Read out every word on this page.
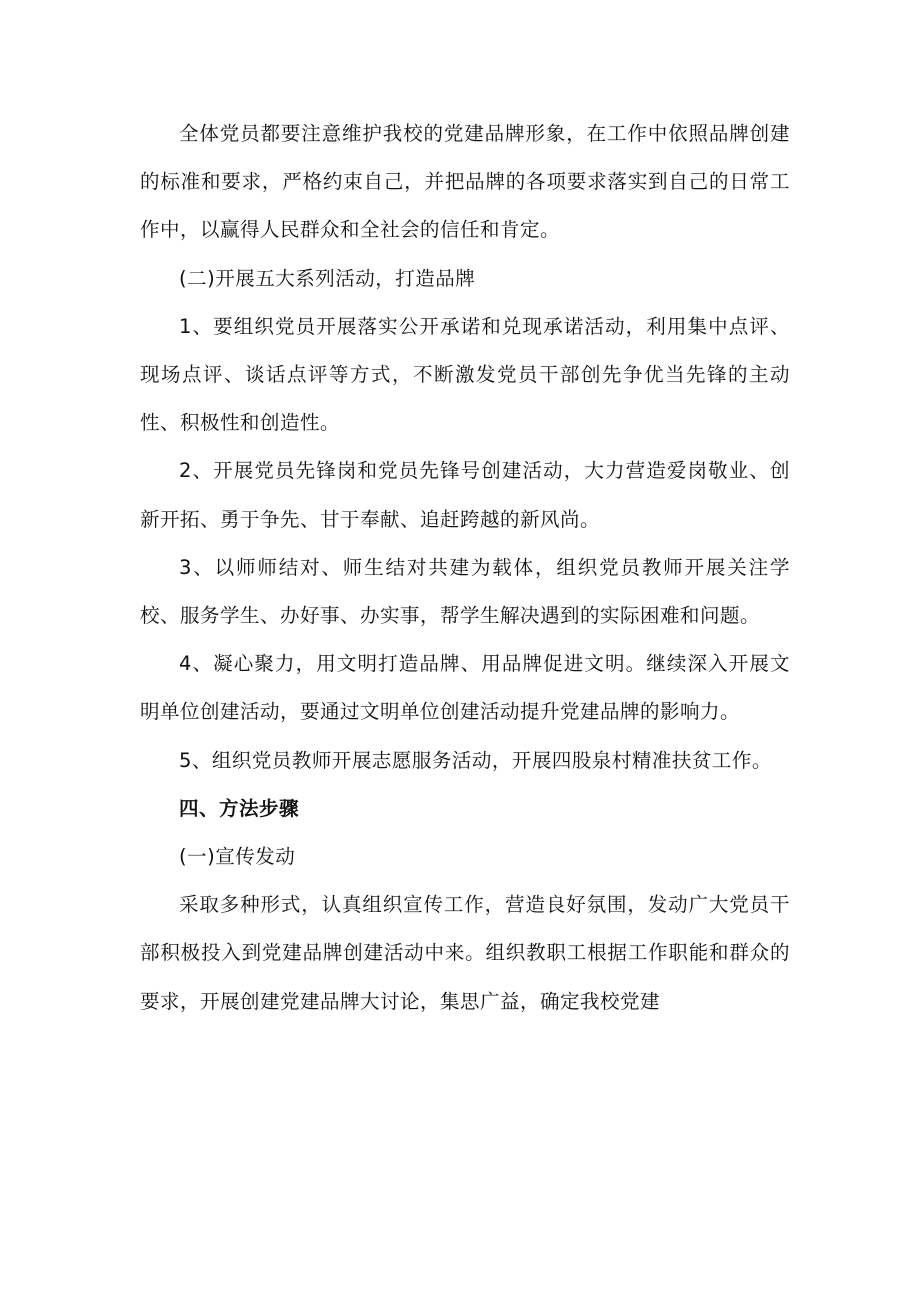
全体党员都要注意维护我校的党建品牌形象，在工作中依照品牌创建的标准和要求，严格约束自己，并把品牌的各项要求落实到自己的日常工作中，以赢得人民群众和全社会的信任和肯定。

(二)开展五大系列活动，打造品牌

1、要组织党员开展落实公开承诺和兑现承诺活动，利用集中点评、现场点评、谈话点评等方式，不断激发党员干部创先争优当先锋的主动性、积极性和创造性。

2、开展党员先锋岗和党员先锋号创建活动，大力营造爱岗敬业、创新开拓、勇于争先、甘于奉献、追赶跨越的新风尚。

3、以师师结对、师生结对共建为载体，组织党员教师开展关注学校、服务学生、办好事、办实事，帮学生解决遇到的实际困难和问题。

4、凝心聚力，用文明打造品牌、用品牌促进文明。继续深入开展文明单位创建活动，要通过文明单位创建活动提升党建品牌的影响力。

5、组织党员教师开展志愿服务活动，开展四股泉村精准扶贫工作。

四、方法步骤

(一)宣传发动

采取多种形式，认真组织宣传工作，营造良好氛围，发动广大党员干部积极投入到党建品牌创建活动中来。组织教职工根据工作职能和群众的要求，开展创建党建品牌大讨论，集思广益，确定我校党建
